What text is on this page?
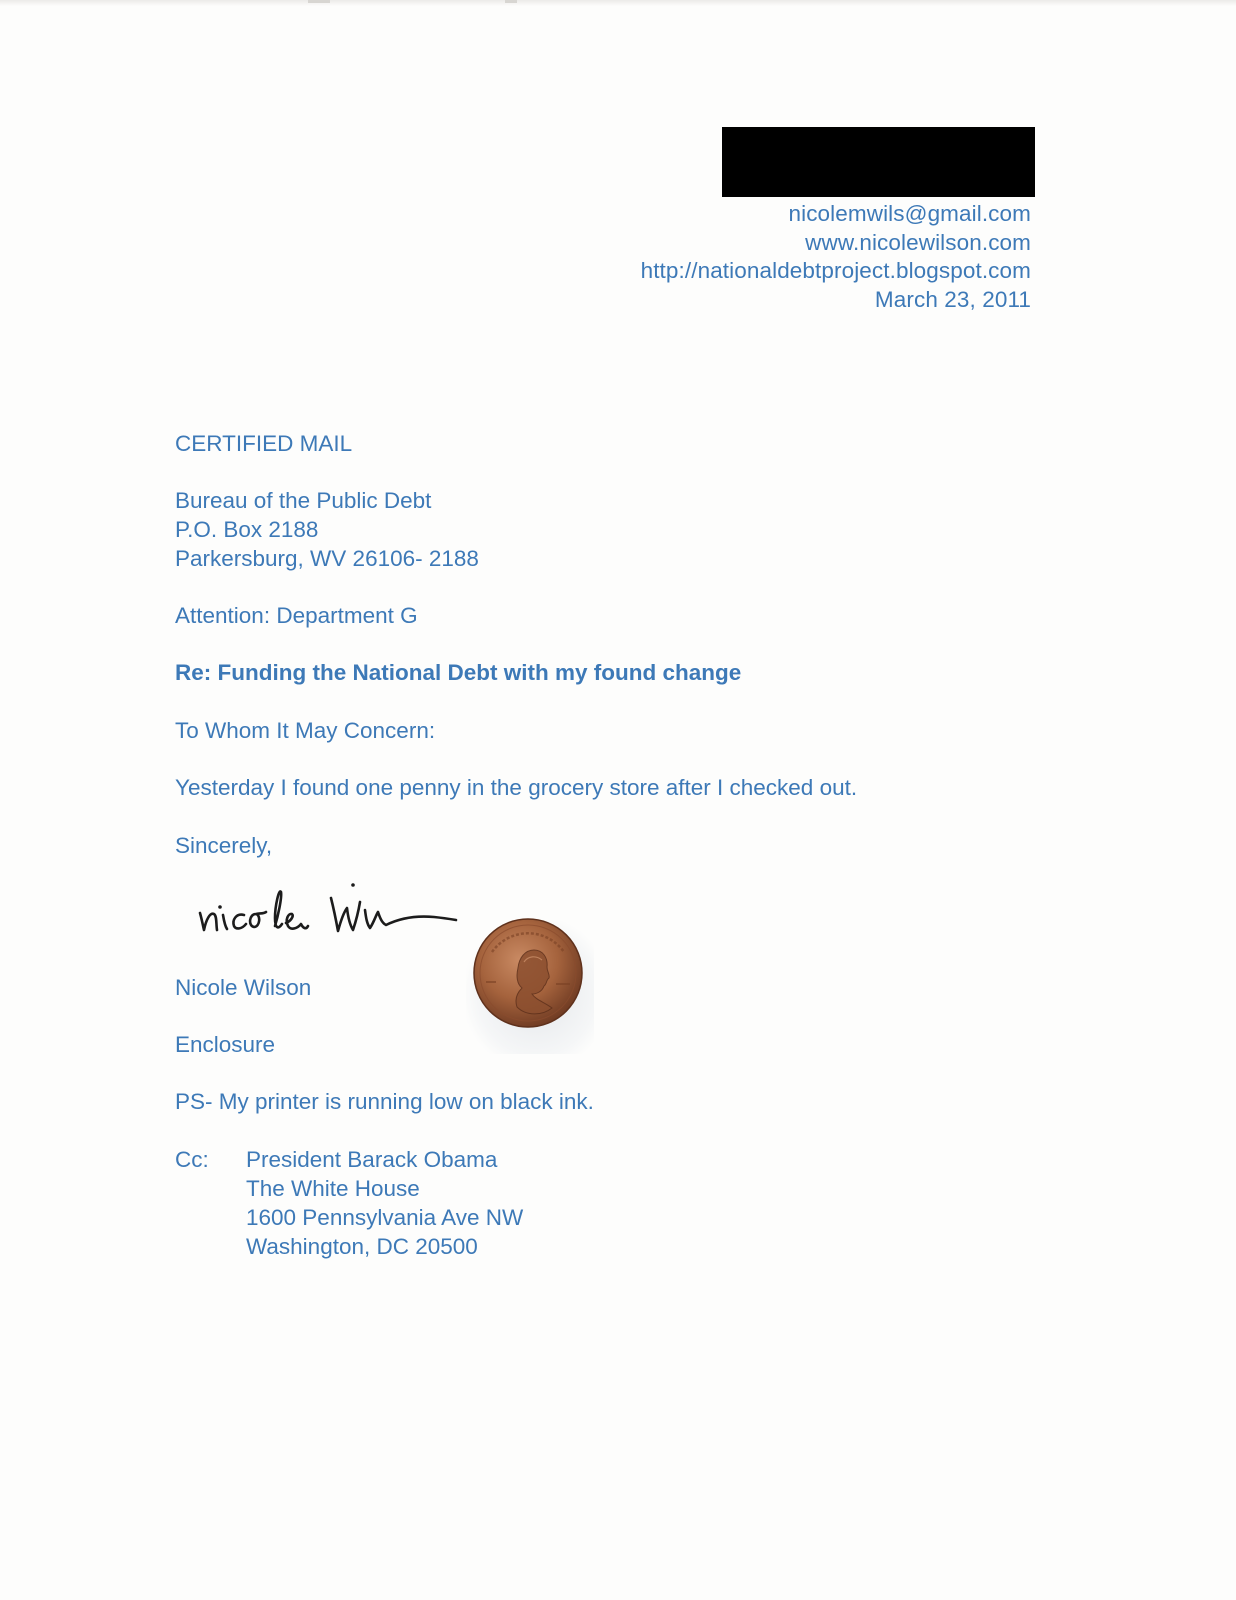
nicolemwils@gmail.com
www.nicolewilson.com
http://nationaldebtproject.blogspot.com
March 23, 2011
CERTIFIED MAIL
Bureau of the Public Debt
P.O. Box 2188
Parkersburg, WV 26106- 2188
Attention: Department G
Re: Funding the National Debt with my found change
To Whom It May Concern:
Yesterday I found one penny in the grocery store after I checked out.
Sincerely,
Nicole Wilson
Enclosure
PS- My printer is running low on black ink.
Cc: President Barack Obama
The White House
1600 Pennsylvania Ave NW
Washington, DC 20500
